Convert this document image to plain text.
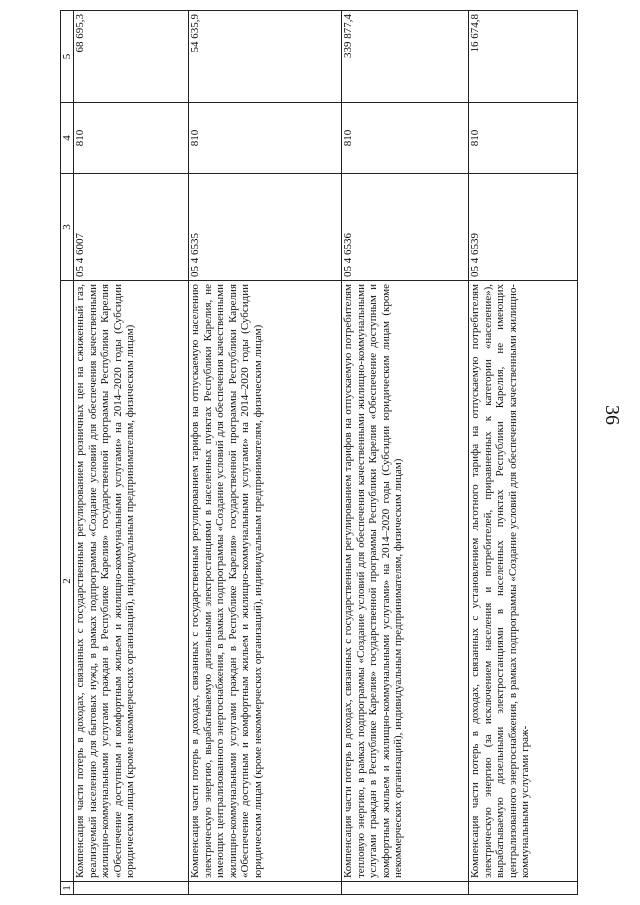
36
1	2	3	4	5
	Компенсация части потерь в доходах, связанных с государственным регулированием розничных цен на сжиженный газ, реализуемый населению для бытовых нужд, в рамках подпрограммы «Создание условий для обеспечения качественными жилищно-коммунальными услугами граждан в Республике Карелия» государственной программы Республики Карелия «Обеспечение доступным и комфортным жильем и жилищно-коммунальными услугами» на 2014–2020 годы (Субсидии юридическим лицам (кроме некоммерческих организаций), индивидуальным предпринимателям, физическим лицам)	05 4 6007	810	68 695,3
	Компенсация части потерь в доходах, связанных с государственным регулированием тарифов на отпускаемую населению электрическую энергию, вырабатываемую дизельными электростанциями в населенных пунктах Республики Карелия, не имеющих централизованного энергоснабжения, в рамках подпрограммы «Создание условий для обеспечения качественными жилищно-коммунальными услугами граждан в Республике Карелия» государственной программы Республики Карелия «Обеспечение доступным и комфортным жильем и жилищно-коммунальными услугами» на 2014–2020 годы (Субсидии юридическим лицам (кроме некоммерческих организаций), индивидуальным предпринимателям, физическим лицам)	05 4 6535	810	54 635,9
	Компенсация части потерь в доходах, связанных с государственным регулированием тарифов на отпускаемую потребителям тепловую энергию, в рамках подпрограммы «Создание условий для обеспечения качественными жилищно-коммунальными услугами граждан в Республике Карелия» государственной программы Республики Карелия «Обеспечение доступным и комфортным жильем и жилищно-коммунальными услугами» на 2014–2020 годы (Субсидии юридическим лицам (кроме некоммерческих организаций), индивидуальным предпринимателям, физическим лицам)	05 4 6536	810	339 877,4
	Компенсация части потерь в доходах, связанных с установлением льготного тарифа на отпускаемую потребителям электрическую энергию (за исключением населения и потребителей, приравненных к категории «население»), вырабатываемую дизельными электростанциями в населенных пунктах Республики Карелия, не имеющих централизованного энергоснабжения, в рамках подпрограммы «Создание условий для обеспечения качественными жилищно-коммунальными услугами граж-	05 4 6539	810	16 674,8
